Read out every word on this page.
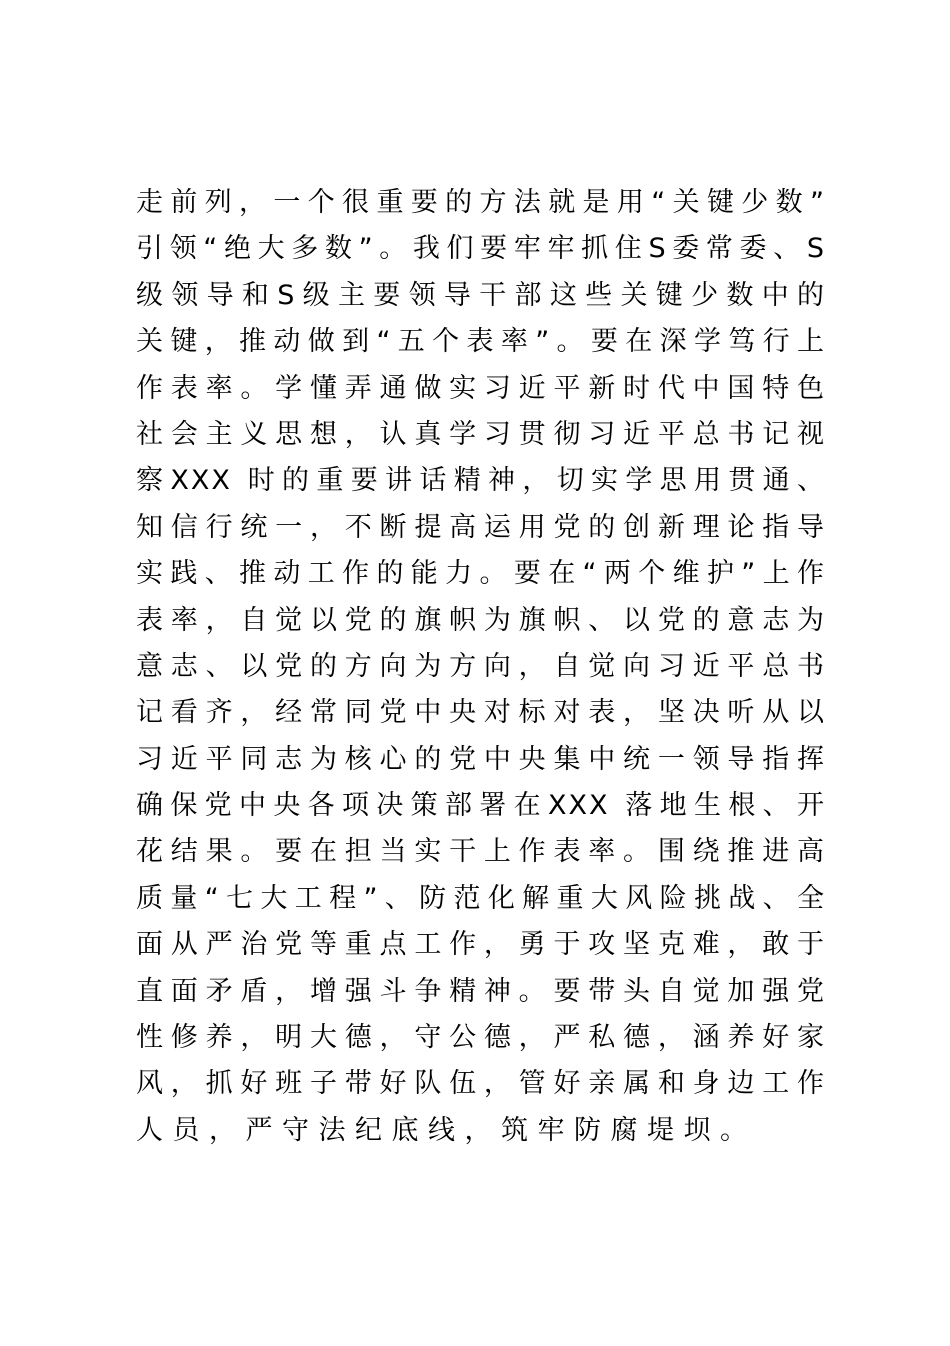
走前列，一个很重要的方法就是用“关键少数”
引领“绝大多数”。我们要牢牢抓住S委常委、S
级领导和S级主要领导干部这些关键少数中的
关键，推动做到“五个表率”。要在深学笃行上
作表率。学懂弄通做实习近平新时代中国特色
社会主义思想，认真学习贯彻习近平总书记视
察XXX 时的重要讲话精神，切实学思用贯通、
知信行统一，不断提高运用党的创新理论指导
实践、推动工作的能力。要在“两个维护”上作
表率，自觉以党的旗帜为旗帜、以党的意志为
意志、以党的方向为方向，自觉向习近平总书
记看齐，经常同党中央对标对表，坚决听从以
习近平同志为核心的党中央集中统一领导指挥
确保党中央各项决策部署在XXX 落地生根、开
花结果。要在担当实干上作表率。围绕推进高
质量“七大工程”、防范化解重大风险挑战、全
面从严治党等重点工作，勇于攻坚克难，敢于
直面矛盾，增强斗争精神。要带头自觉加强党
性修养，明大德，守公德，严私德，涵养好家
风，抓好班子带好队伍，管好亲属和身边工作
人员，严守法纪底线，筑牢防腐堤坝。
